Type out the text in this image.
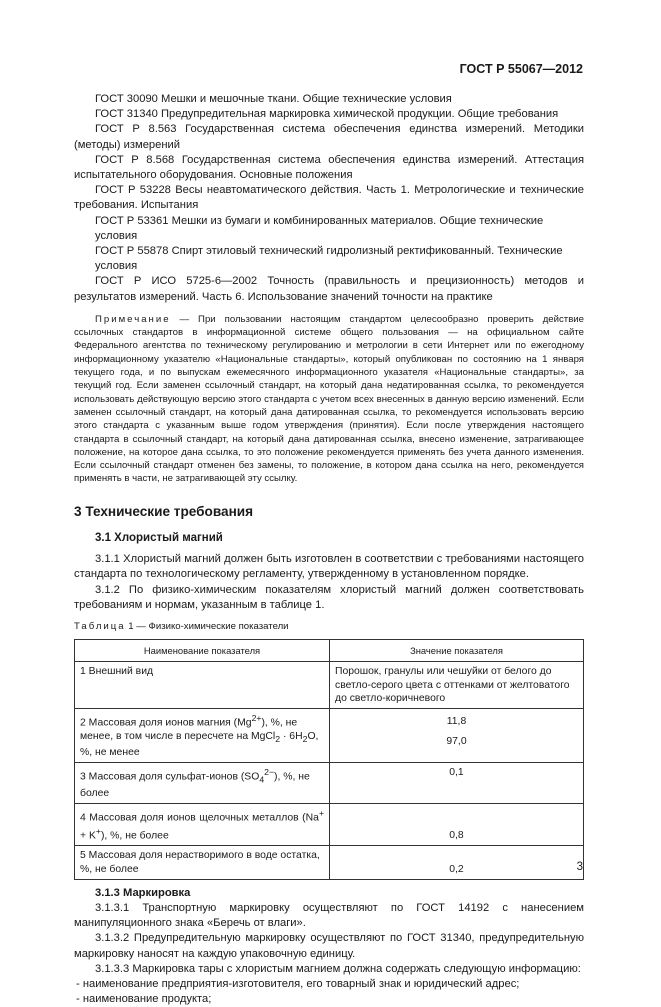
ГОСТ Р 55067—2012

ГОСТ 30090 Мешки и мешочные ткани. Общие технические условия

ГОСТ 31340 Предупредительная маркировка химической продукции. Общие требования

ГОСТ Р 8.563 Государственная система обеспечения единства измерений. Методики (методы) измерений

ГОСТ Р 8.568 Государственная система обеспечения единства измерений. Аттестация испытательного оборудования. Основные положения

ГОСТ Р 53228 Весы неавтоматического действия. Часть 1. Метрологические и технические требования. Испытания

ГОСТ Р 53361 Мешки из бумаги и комбинированных материалов. Общие технические условия

ГОСТ Р 55878 Спирт этиловый технический гидролизный ректификованный. Технические условия

ГОСТ Р ИСО 5725-6—2002 Точность (правильность и прецизионность) методов и результатов измерений. Часть 6. Использование значений точности на практике

Примечание — При пользовании настоящим стандартом целесообразно проверить действие ссылочных стандартов в информационной системе общего пользования — на официальном сайте Федерального агентства по техническому регулированию и метрологии в сети Интернет или по ежегодному информационному указателю «Национальные стандарты», который опубликован по состоянию на 1 января текущего года, и по выпускам ежемесячного информационного указателя «Национальные стандарты», за текущий год. Если заменен ссылочный стандарт, на который дана недатированная ссылка, то рекомендуется использовать действующую версию этого стандарта с учетом всех внесенных в данную версию изменений. Если заменен ссылочный стандарт, на который дана датированная ссылка, то рекомендуется использовать версию этого стандарта с указанным выше годом утверждения (принятия). Если после утверждения настоящего стандарта в ссылочный стандарт, на который дана датированная ссылка, внесено изменение, затрагивающее положение, на которое дана ссылка, то это положение рекомендуется применять без учета данного изменения. Если ссылочный стандарт отменен без замены, то положение, в котором дана ссылка на него, рекомендуется применять в части, не затрагивающей эту ссылку.

3 Технические требования
3.1 Хлористый магний

3.1.1 Хлористый магний должен быть изготовлен в соответствии с требованиями настоящего стандарта по технологическому регламенту, утвержденному в установленном порядке.

3.1.2 По физико-химическим показателям хлористый магний должен соответствовать требованиям и нормам, указанным в таблице 1.

Таблица 1 — Физико-химические показатели
Наименование показателя	Значение показателя
1 Внешний вид	Порошок, гранулы или чешуйки от белого до светло-серого цвета с оттенками от желтоватого до светло-коричневого
2 Массовая доля ионов магния $(Mg^{2+})$, %, не менее, в том числе в пересчете на MgCl$_2$ · $6H_2O$, %, не менее	11,8
97,0

3 Массовая доля сульфат-ионов $(SO_4^{2-})$, %, не более	0,1
4 Массовая доля ионов щелочных металлов (Na+ + K+), %, не более	0,8
5 Массовая доля нерастворимого в воде остатка, %, не более	0,2
3.1.3 Маркировка

3.1.3.1 Транспортную маркировку осуществляют по ГОСТ 14192 с нанесением манипуляционного знака «Беречь от влаги».

3.1.3.2 Предупредительную маркировку осуществляют по ГОСТ 31340, предупредительную маркировку наносят на каждую упаковочную единицу.

3.1.3.3 Маркировка тары с хлористым магнием должна содержать следующую информацию:

- наименование предприятия-изготовителя, его товарный знак и юридический адрес;

- наименование продукта;

3
